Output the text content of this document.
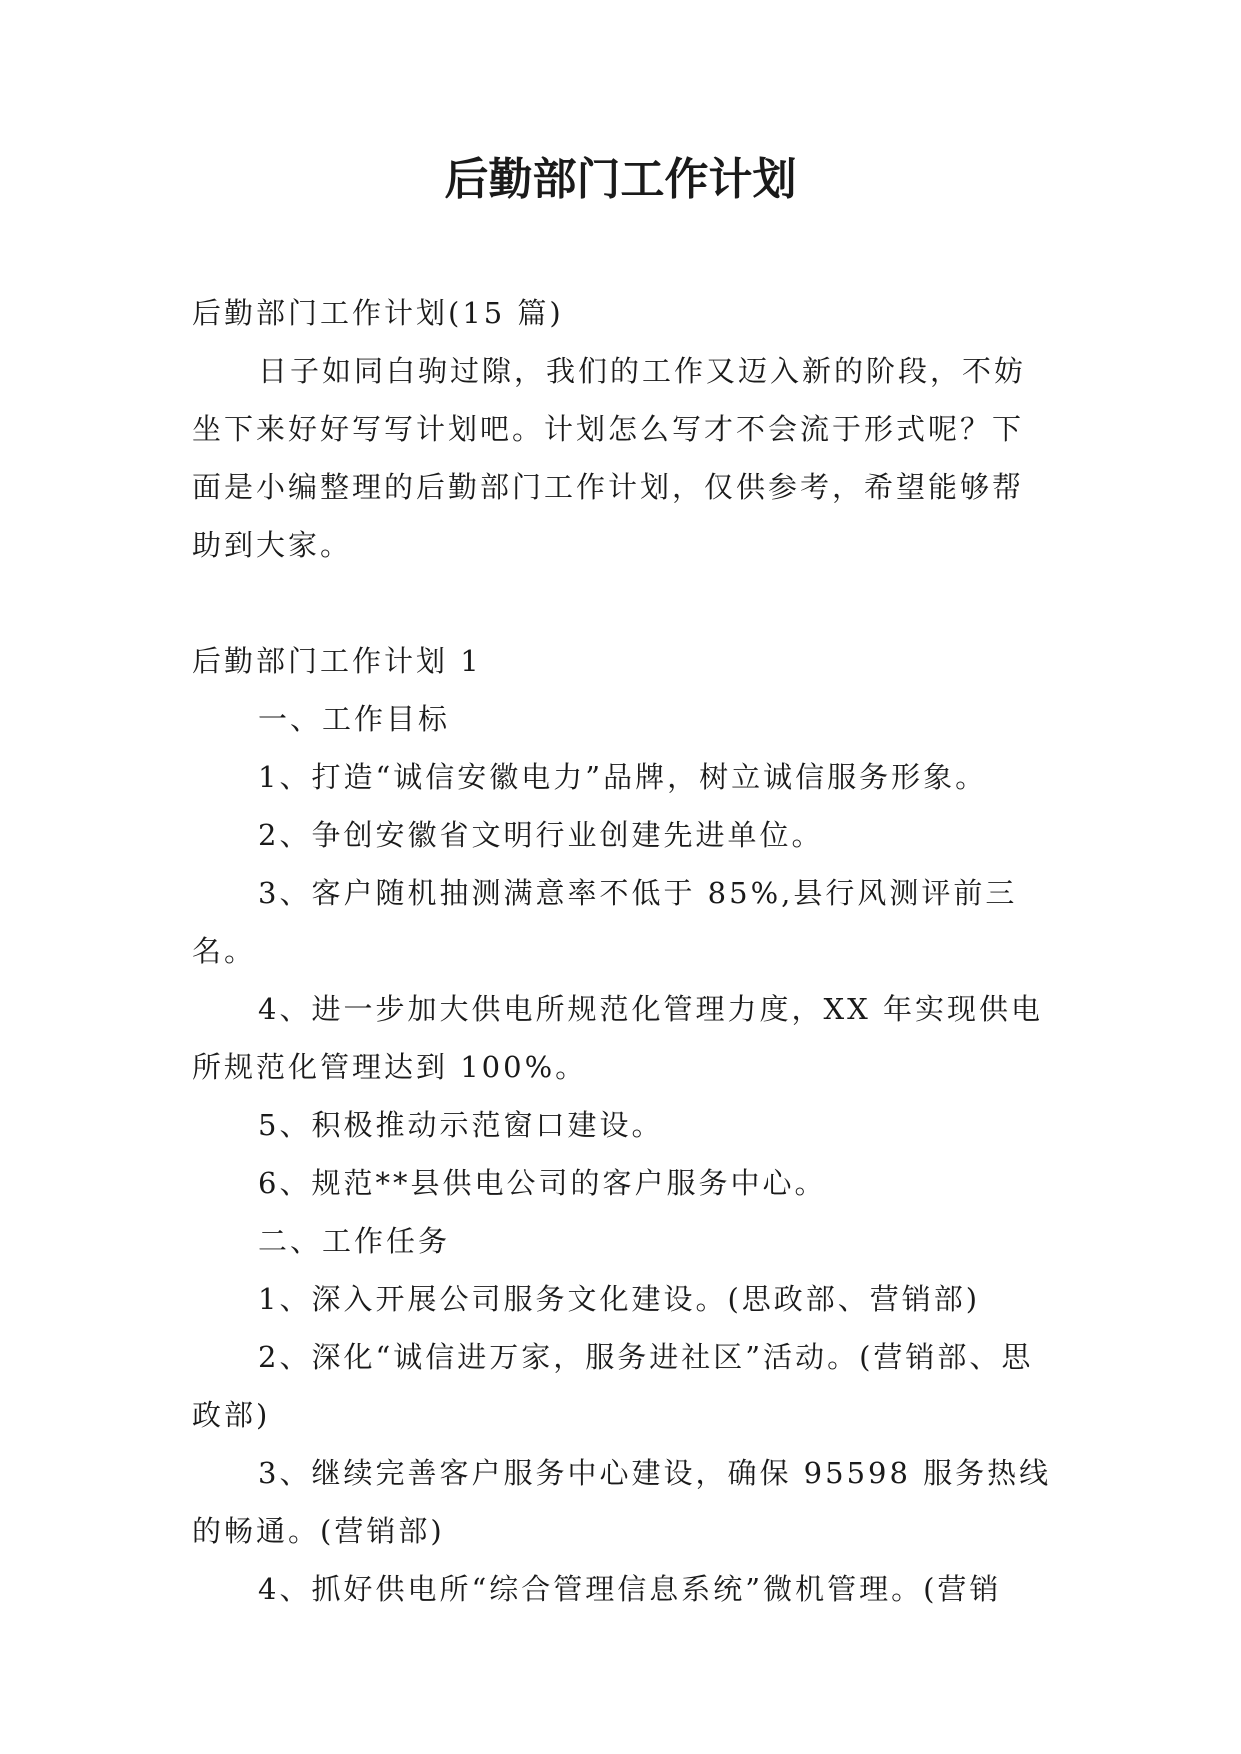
后勤部门工作计划

后勤部门工作计划(15 篇)

日子如同白驹过隙，我们的工作又迈入新的阶段，不妨坐下来好好写写计划吧。计划怎么写才不会流于形式呢？下面是小编整理的后勤部门工作计划，仅供参考，希望能够帮助到大家。

后勤部门工作计划 1

一、工作目标

1、打造“诚信安徽电力”品牌，树立诚信服务形象。

2、争创安徽省文明行业创建先进单位。

3、客户随机抽测满意率不低于 85%,县行风测评前三名。

4、进一步加大供电所规范化管理力度，XX 年实现供电所规范化管理达到 100%。

5、积极推动示范窗口建设。

6、规范**县供电公司的客户服务中心。

二、工作任务

1、深入开展公司服务文化建设。(思政部、营销部)

2、深化“诚信进万家，服务进社区”活动。(营销部、思政部)

3、继续完善客户服务中心建设，确保 95598 服务热线的畅通。(营销部)

4、抓好供电所“综合管理信息系统”微机管理。(营销
